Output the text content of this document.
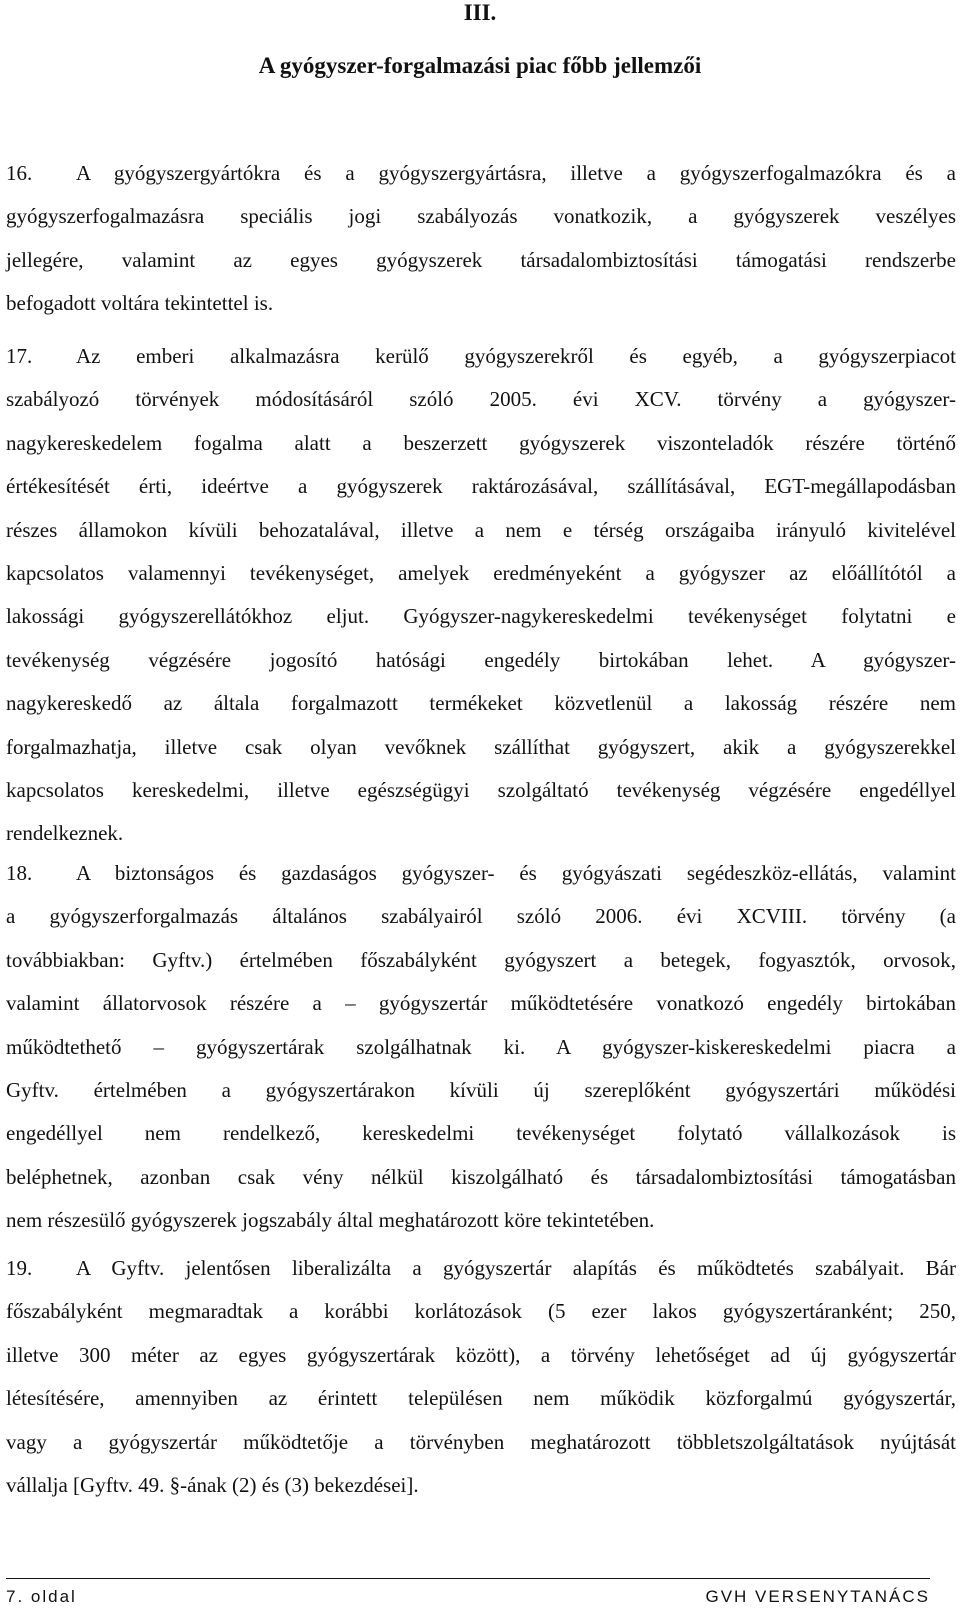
III.
A gyógyszer-forgalmazási piac főbb jellemzői
16. A gyógyszergyártókra és a gyógyszergyártásra, illetve a gyógyszerfogalmazókra és a
gyógyszerfogalmazásra speciális jogi szabályozás vonatkozik, a gyógyszerek veszélyes
jellegére, valamint az egyes gyógyszerek társadalombiztosítási támogatási rendszerbe
befogadott voltára tekintettel is.
17. Az emberi alkalmazásra kerülő gyógyszerekről és egyéb, a gyógyszerpiacot
szabályozó törvények módosításáról szóló 2005. évi XCV. törvény a gyógyszer-
nagykereskedelem fogalma alatt a beszerzett gyógyszerek viszonteladók részére történő
értékesítését érti, ideértve a gyógyszerek raktározásával, szállításával, EGT-megállapodásban
részes államokon kívüli behozatalával, illetve a nem e térség országaiba irányuló kivitelével
kapcsolatos valamennyi tevékenységet, amelyek eredményeként a gyógyszer az előállítótól a
lakossági gyógyszerellátókhoz eljut. Gyógyszer-nagykereskedelmi tevékenységet folytatni e
tevékenység végzésére jogosító hatósági engedély birtokában lehet. A gyógyszer-
nagykereskedő az általa forgalmazott termékeket közvetlenül a lakosság részére nem
forgalmazhatja, illetve csak olyan vevőknek szállíthat gyógyszert, akik a gyógyszerekkel
kapcsolatos kereskedelmi, illetve egészségügyi szolgáltató tevékenység végzésére engedéllyel
rendelkeznek.
18. A biztonságos és gazdaságos gyógyszer- és gyógyászati segédeszköz-ellátás, valamint
a gyógyszerforgalmazás általános szabályairól szóló 2006. évi XCVIII. törvény (a
továbbiakban: Gyftv.) értelmében főszabályként gyógyszert a betegek, fogyasztók, orvosok,
valamint állatorvosok részére a – gyógyszertár működtetésére vonatkozó engedély birtokában
működtethető – gyógyszertárak szolgálhatnak ki. A gyógyszer-kiskereskedelmi piacra a
Gyftv. értelmében a gyógyszertárakon kívüli új szereplőként gyógyszertári működési
engedéllyel nem rendelkező, kereskedelmi tevékenységet folytató vállalkozások is
beléphetnek, azonban csak vény nélkül kiszolgálható és társadalombiztosítási támogatásban
nem részesülő gyógyszerek jogszabály által meghatározott köre tekintetében.
19. A Gyftv. jelentősen liberalizálta a gyógyszertár alapítás és működtetés szabályait. Bár
főszabályként megmaradtak a korábbi korlátozások (5 ezer lakos gyógyszertáranként; 250,
illetve 300 méter az egyes gyógyszertárak között), a törvény lehetőséget ad új gyógyszertár
létesítésére, amennyiben az érintett településen nem működik közforgalmú gyógyszertár,
vagy a gyógyszertár működtetője a törvényben meghatározott többletszolgáltatások nyújtását
vállalja [Gyftv. 49. §-ának (2) és (3) bekezdései].
7. oldal	GVH VERSENYTANÁCS
